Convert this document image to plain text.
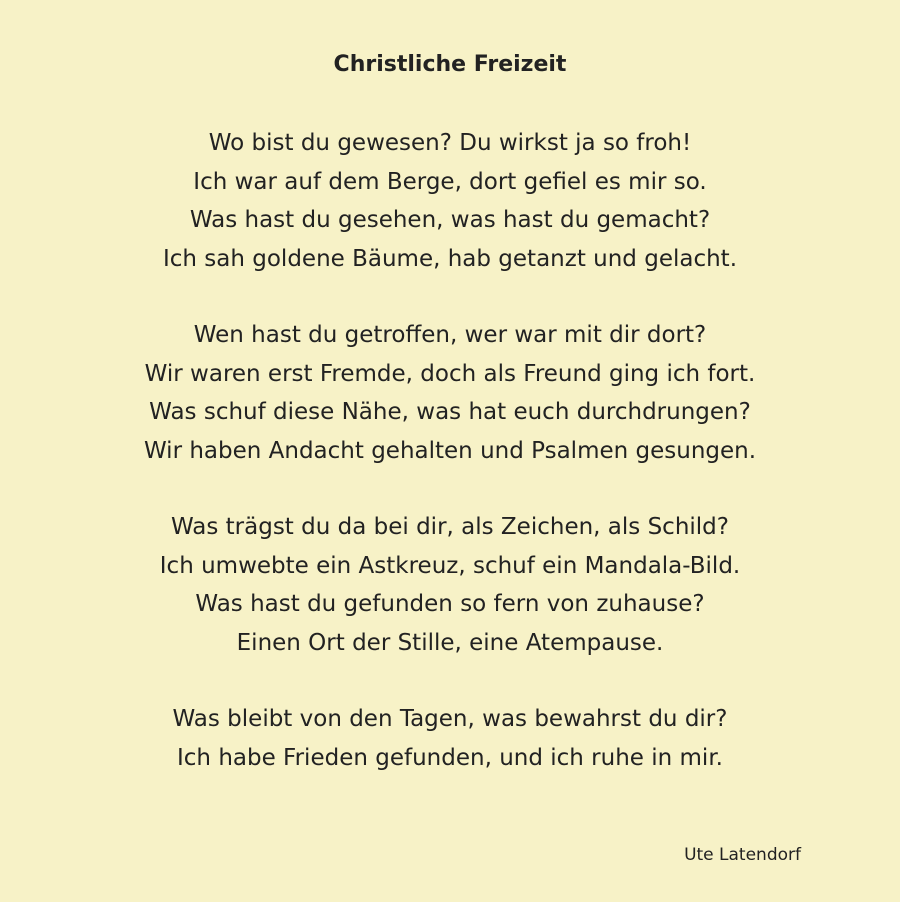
Christliche Freizeit
Wo bist du gewesen? Du wirkst ja so froh!
Ich war auf dem Berge, dort gefiel es mir so.
Was hast du gesehen, was hast du gemacht?
Ich sah goldene Bäume, hab getanzt und gelacht.
Wen hast du getroffen, wer war mit dir dort?
Wir waren erst Fremde, doch als Freund ging ich fort.
Was schuf diese Nähe, was hat euch durchdrungen?
Wir haben Andacht gehalten und Psalmen gesungen.
Was trägst du da bei dir, als Zeichen, als Schild?
Ich umwebte ein Astkreuz, schuf ein Mandala-Bild.
Was hast du gefunden so fern von zuhause?
Einen Ort der Stille, eine Atempause.
Was bleibt von den Tagen, was bewahrst du dir?
Ich habe Frieden gefunden, und ich ruhe in mir.
Ute Latendorf
